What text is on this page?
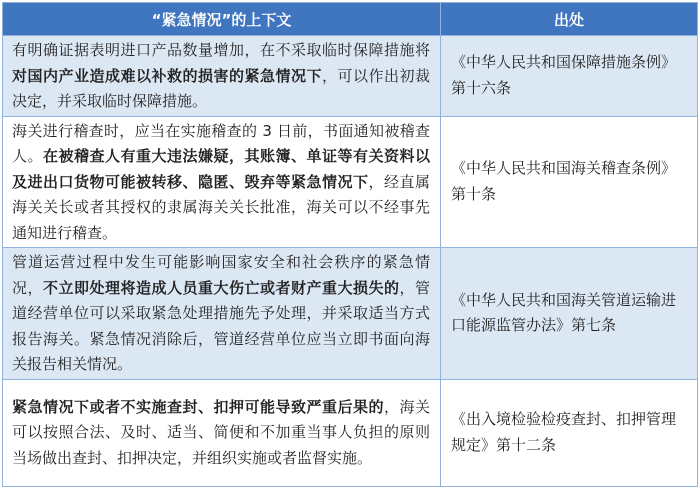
“紧急情况”的上下文	出处
有明确证据表明进口产品数量增加，在不采取临时保障措施将对国内产业造成难以补救的损害的紧急情况下，可以作出初裁决定，并采取临时保障措施。	《中华人民共和国保障措施条例》第十六条
海关进行稽查时，应当在实施稽查的 3 日前，书面通知被稽查人。在被稽查人有重大违法嫌疑，其账簿、单证等有关资料以及进出口货物可能被转移、隐匿、毁弃等紧急情况下，经直属海关关长或者其授权的隶属海关关长批准，海关可以不经事先通知进行稽查。	《中华人民共和国海关稽查条例》第十条
管道运营过程中发生可能影响国家安全和社会秩序的紧急情况，不立即处理将造成人员重大伤亡或者财产重大损失的，管道经营单位可以采取紧急处理措施先予处理，并采取适当方式报告海关。紧急情况消除后，管道经营单位应当立即书面向海关报告相关情况。	《中华人民共和国海关管道运输进口能源监管办法》第七条
紧急情况下或者不实施查封、扣押可能导致严重后果的，海关可以按照合法、及时、适当、简便和不加重当事人负担的原则当场做出查封、扣押决定，并组织实施或者监督实施。	《出入境检验检疫查封、扣押管理规定》第十二条
